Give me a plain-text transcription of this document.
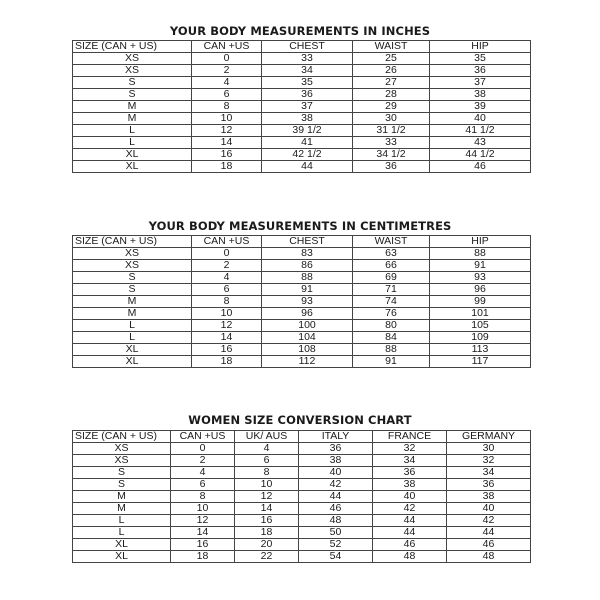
YOUR BODY MEASUREMENTS IN INCHES
SIZE (CAN + US)	CAN +US	CHEST	WAIST	HIP
XS	0	33	25	35
XS	2	34	26	36
S	4	35	27	37
S	6	36	28	38
M	8	37	29	39
M	10	38	30	40
L	12	39 1/2	31 1/2	41 1/2
L	14	41	33	43
XL	16	42 1/2	34 1/2	44 1/2
XL	18	44	36	46
YOUR BODY MEASUREMENTS IN CENTIMETRES
SIZE (CAN + US)	CAN +US	CHEST	WAIST	HIP
XS	0	83	63	88
XS	2	86	66	91
S	4	88	69	93
S	6	91	71	96
M	8	93	74	99
M	10	96	76	101
L	12	100	80	105
L	14	104	84	109
XL	16	108	88	113
XL	18	112	91	117
WOMEN SIZE CONVERSION CHART
SIZE (CAN + US)	CAN +US	UK/ AUS	ITALY	FRANCE	GERMANY
XS	0	4	36	32	30
XS	2	6	38	34	32
S	4	8	40	36	34
S	6	10	42	38	36
M	8	12	44	40	38
M	10	14	46	42	40
L	12	16	48	44	42
L	14	18	50	44	44
XL	16	20	52	46	46
XL	18	22	54	48	48
